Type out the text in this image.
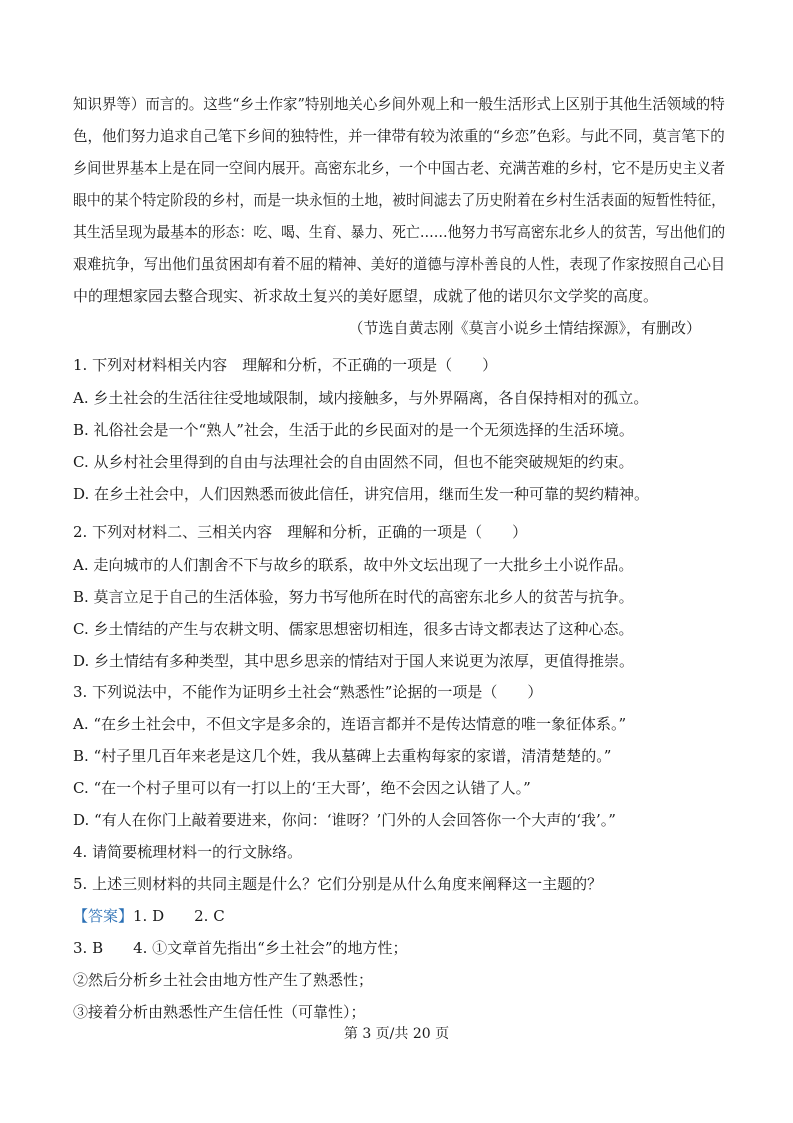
知识界等）而言的。这些“乡土作家”特别地关心乡间外观上和一般生活形式上区别于其他生活领域的特
色，他们努力追求自己笔下乡间的独特性，并一律带有较为浓重的“乡恋”色彩。与此不同，莫言笔下的
乡间世界基本上是在同一空间内展开。高密东北乡，一个中国古老、充满苦难的乡村，它不是历史主义者
眼中的某个特定阶段的乡村，而是一块永恒的土地，被时间滤去了历史附着在乡村生活表面的短暂性特征，
其生活呈现为最基本的形态：吃、喝、生育、暴力、死亡……他努力书写高密东北乡人的贫苦，写出他们的
艰难抗争，写出他们虽贫困却有着不屈的精神、美好的道德与淳朴善良的人性，表现了作家按照自己心目
中的理想家园去整合现实、祈求故土复兴的美好愿望，成就了他的诺贝尔文学奖的高度。
（节选自黄志刚《莫言小说乡土情结探源》，有删改）
1. 下列对材料相关内容　理解和分析，不正确的一项是（　　）
A. 乡土社会的生活往往受地域限制，域内接触多，与外界隔离，各自保持相对的孤立。
B. 礼俗社会是一个“熟人”社会，生活于此的乡民面对的是一个无须选择的生活环境。
C. 从乡村社会里得到的自由与法理社会的自由固然不同，但也不能突破规矩的约束。
D. 在乡土社会中，人们因熟悉而彼此信任，讲究信用，继而生发一种可靠的契约精神。
2. 下列对材料二、三相关内容　理解和分析，正确的一项是（　　）
A. 走向城市的人们割舍不下与故乡的联系，故中外文坛出现了一大批乡土小说作品。
B. 莫言立足于自己的生活体验，努力书写他所在时代的高密东北乡人的贫苦与抗争。
C. 乡土情结的产生与农耕文明、儒家思想密切相连，很多古诗文都表达了这种心态。
D. 乡土情结有多种类型，其中思乡思亲的情结对于国人来说更为浓厚，更值得推崇。
3. 下列说法中，不能作为证明乡土社会“熟悉性”论据的一项是（　　）
A. “在乡土社会中，不但文字是多余的，连语言都并不是传达情意的唯一象征体系。”
B. “村子里几百年来老是这几个姓，我从墓碑上去重构每家的家谱，清清楚楚的。”
C. “在一个村子里可以有一打以上的‘王大哥’，绝不会因之认错了人。”
D. “有人在你门上敲着要进来，你问：‘谁呀？’门外的人会回答你一个大声的‘我’。”
4. 请简要梳理材料一的行文脉络。
5. 上述三则材料的共同主题是什么？它们分别是从什么角度来阐释这一主题的？
【答案】1. D　　2. C
3. B　　4. ①文章首先指出“乡土社会”的地方性；
②然后分析乡土社会由地方性产生了熟悉性；
③接着分析由熟悉性产生信任性（可靠性）；
第 3 页/共 20 页
